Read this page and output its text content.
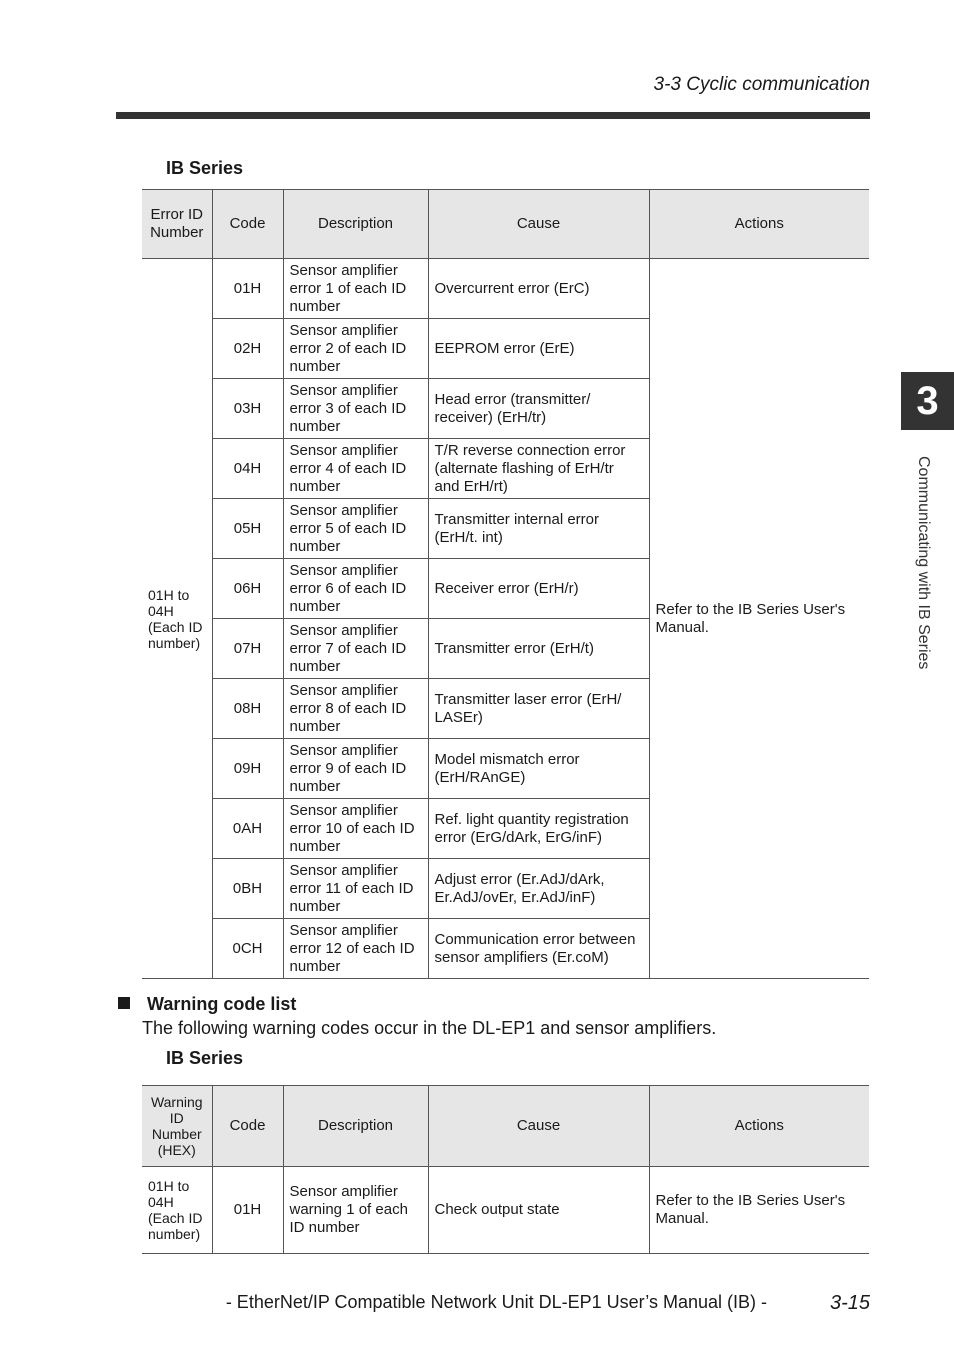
3-3 Cyclic communication
IB Series
Error ID Number	Code	Description	Cause	Actions
01H to 04H (Each ID number)	01H	Sensor amplifier error 1 of each ID number	Overcurrent error (ErC)	Refer to the IB Series User's Manual.
	02H	Sensor amplifier error 2 of each ID number	EEPROM error (ErE)	
	03H	Sensor amplifier error 3 of each ID number	Head error (transmitter/ receiver) (ErH/tr)	
	04H	Sensor amplifier error 4 of each ID number	T/R reverse connection error (alternate flashing of ErH/tr and ErH/rt)	
	05H	Sensor amplifier error 5 of each ID number	Transmitter internal error (ErH/t. int)	
	06H	Sensor amplifier error 6 of each ID number	Receiver error (ErH/r)	
	07H	Sensor amplifier error 7 of each ID number	Transmitter error (ErH/t)	
	08H	Sensor amplifier error 8 of each ID number	Transmitter laser error (ErH/ LASEr)	
	09H	Sensor amplifier error 9 of each ID number	Model mismatch error (ErH/RAnGE)	
	0AH	Sensor amplifier error 10 of each ID number	Ref. light quantity registration error (ErG/dArk, ErG/inF)	
	0BH	Sensor amplifier error 11 of each ID number	Adjust error (Er.AdJ/dArk, Er.AdJ/ovEr, Er.AdJ/inF)	
	0CH	Sensor amplifier error 12 of each ID number	Communication error between sensor amplifiers (Er.coM)	
Warning code list
The following warning codes occur in the DL-EP1 and sensor amplifiers.
IB Series
Warning ID Number (HEX)	Code	Description	Cause	Actions
01H to 04H (Each ID number)	01H	Sensor amplifier warning 1 of each ID number	Check output state	Refer to the IB Series User's Manual.
3
Communicating with IB Series
- EtherNet/IP Compatible Network Unit DL-EP1 User’s Manual (IB) -	3-15
